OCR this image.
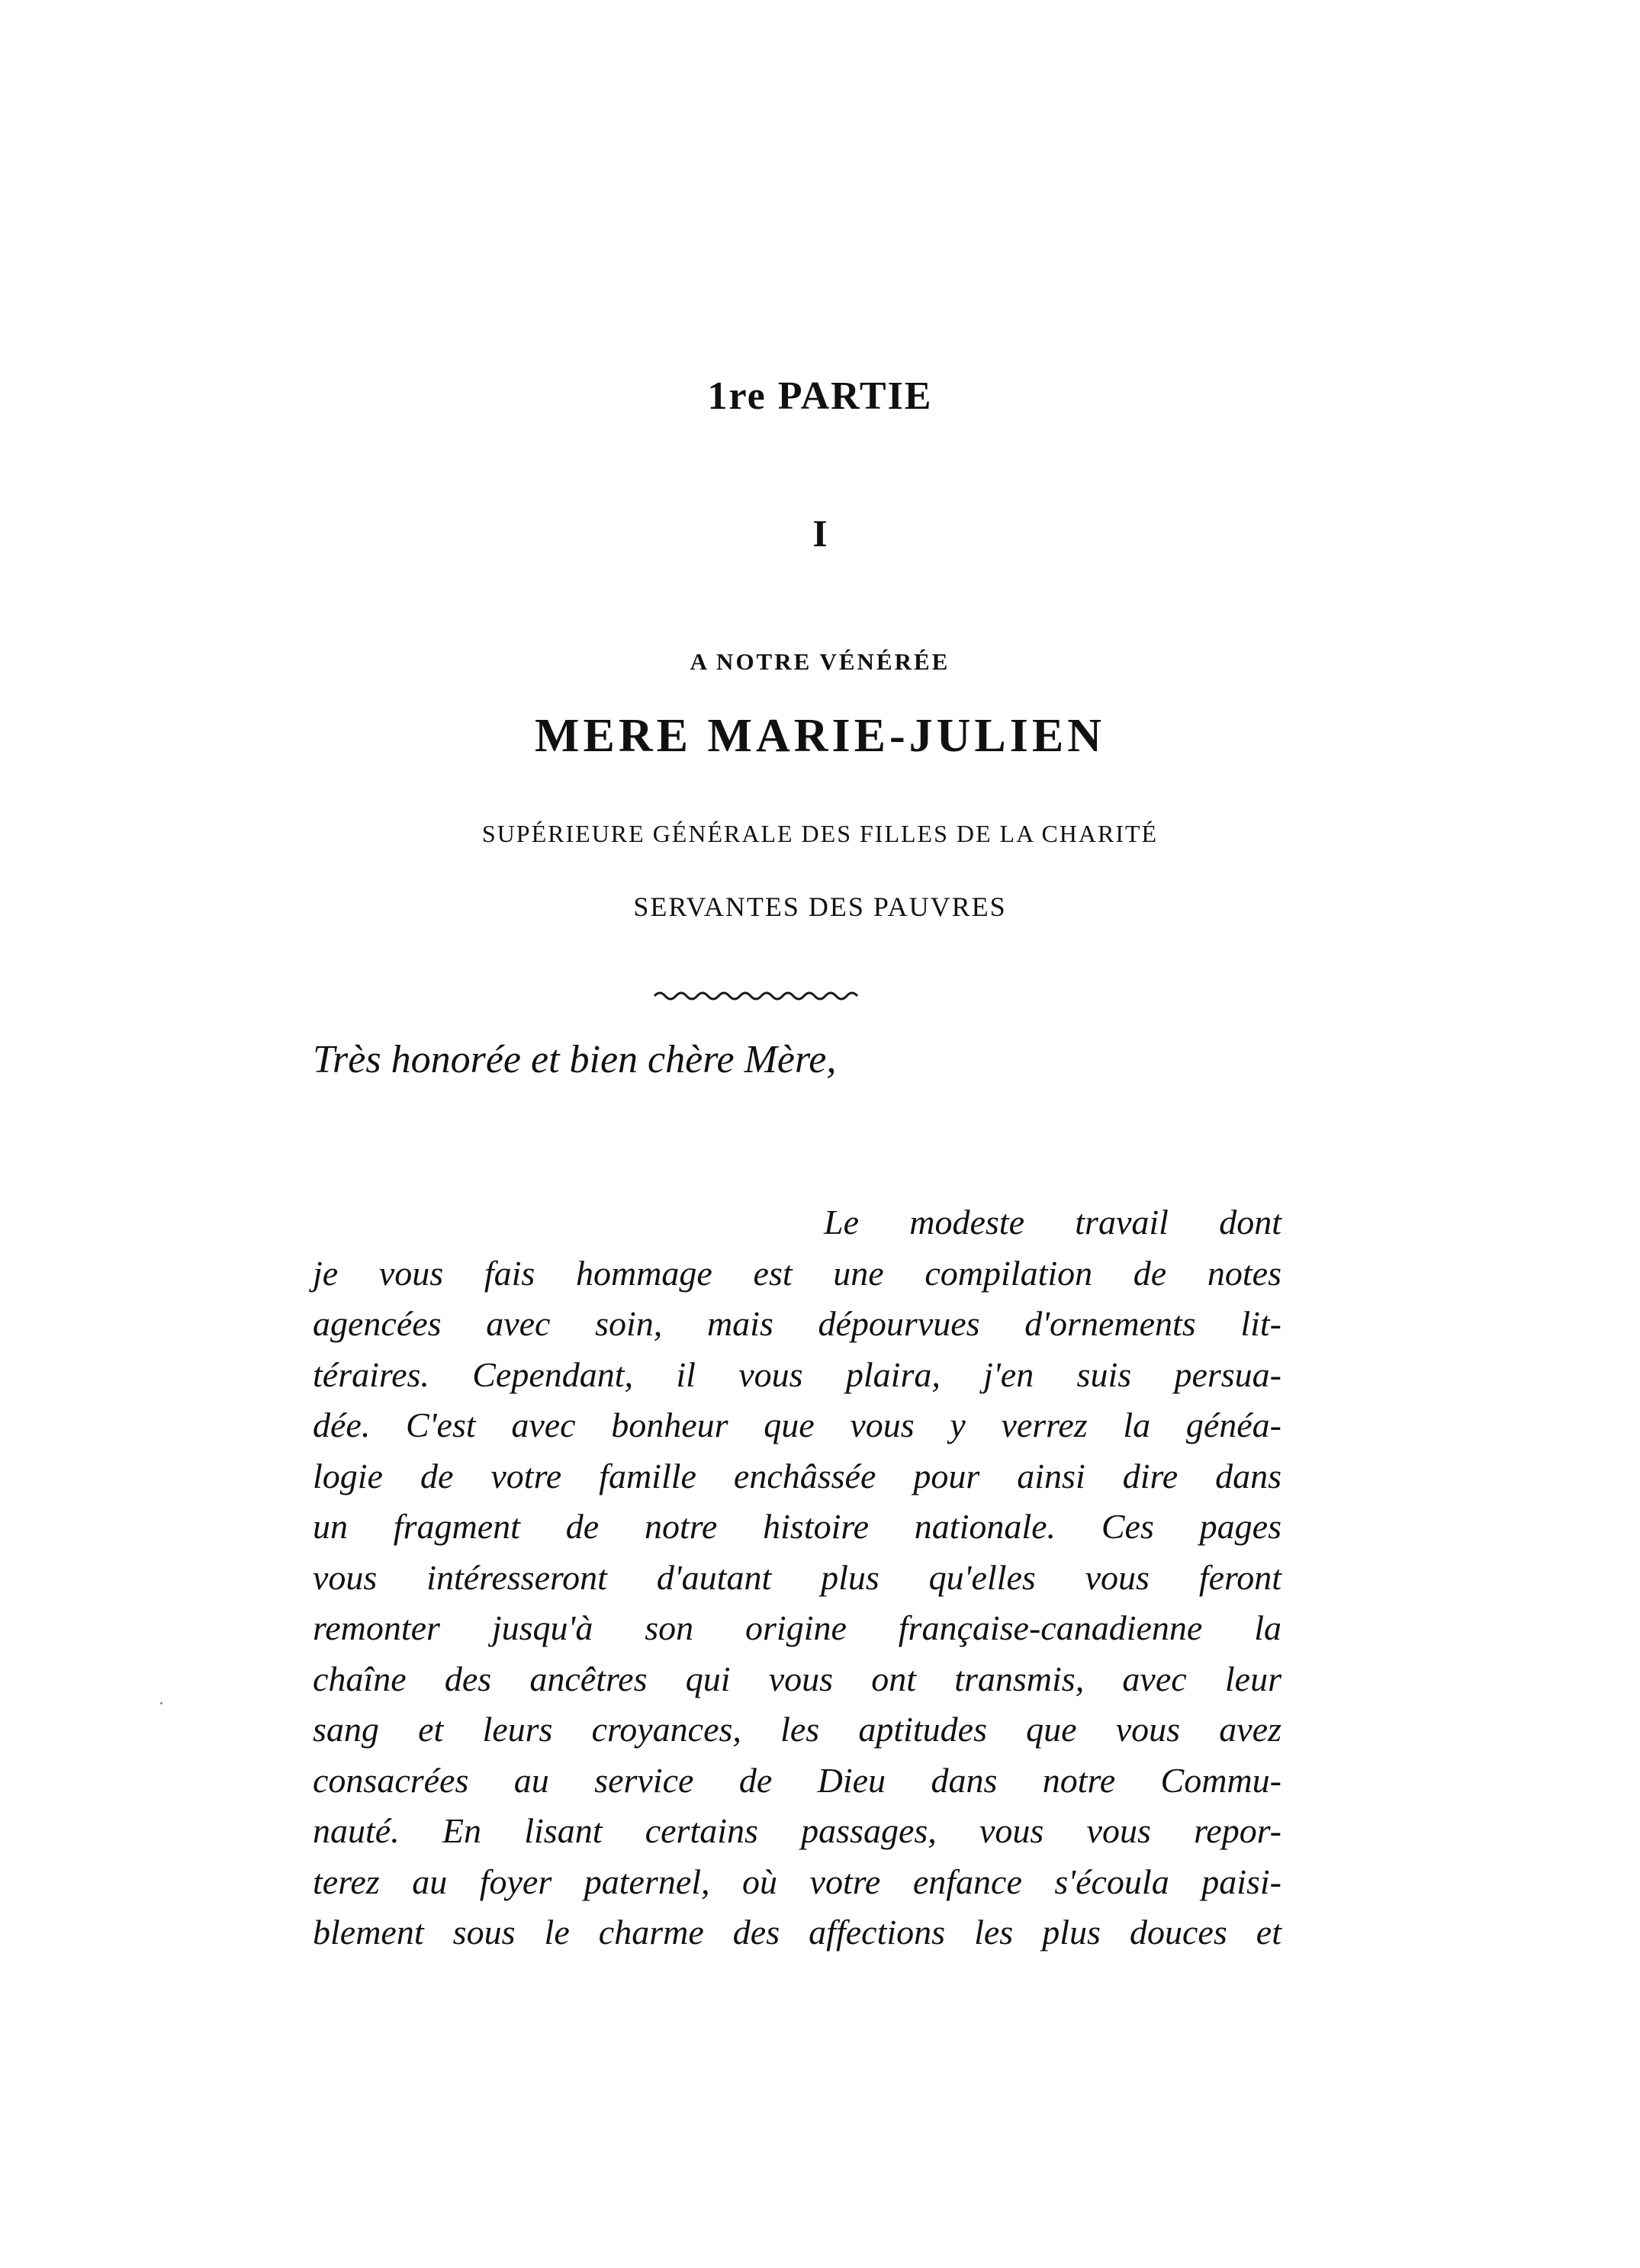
1re PARTIE
I
A NOTRE VÉNÉRÉE
MERE MARIE-JULIEN
SUPÉRIEURE GÉNÉRALE DES FILLES DE LA CHARITÉ
SERVANTES DES PAUVRES
Très honorée et bien chère Mère,
Le modeste travail dont
je vous fais hommage est une compilation de notes
agencées avec soin, mais dépourvues d'ornements lit-
téraires. Cependant, il vous plaira, j'en suis persua-
dée. C'est avec bonheur que vous y verrez la généa-
logie de votre famille enchâssée pour ainsi dire dans
un fragment de notre histoire nationale. Ces pages
vous intéresseront d'autant plus qu'elles vous feront
remonter jusqu'à son origine française-canadienne la
chaîne des ancêtres qui vous ont transmis, avec leur
sang et leurs croyances, les aptitudes que vous avez
consacrées au service de Dieu dans notre Commu-
nauté. En lisant certains passages, vous vous repor-
terez au foyer paternel, où votre enfance s'écoula paisi-
blement sous le charme des affections les plus douces et
